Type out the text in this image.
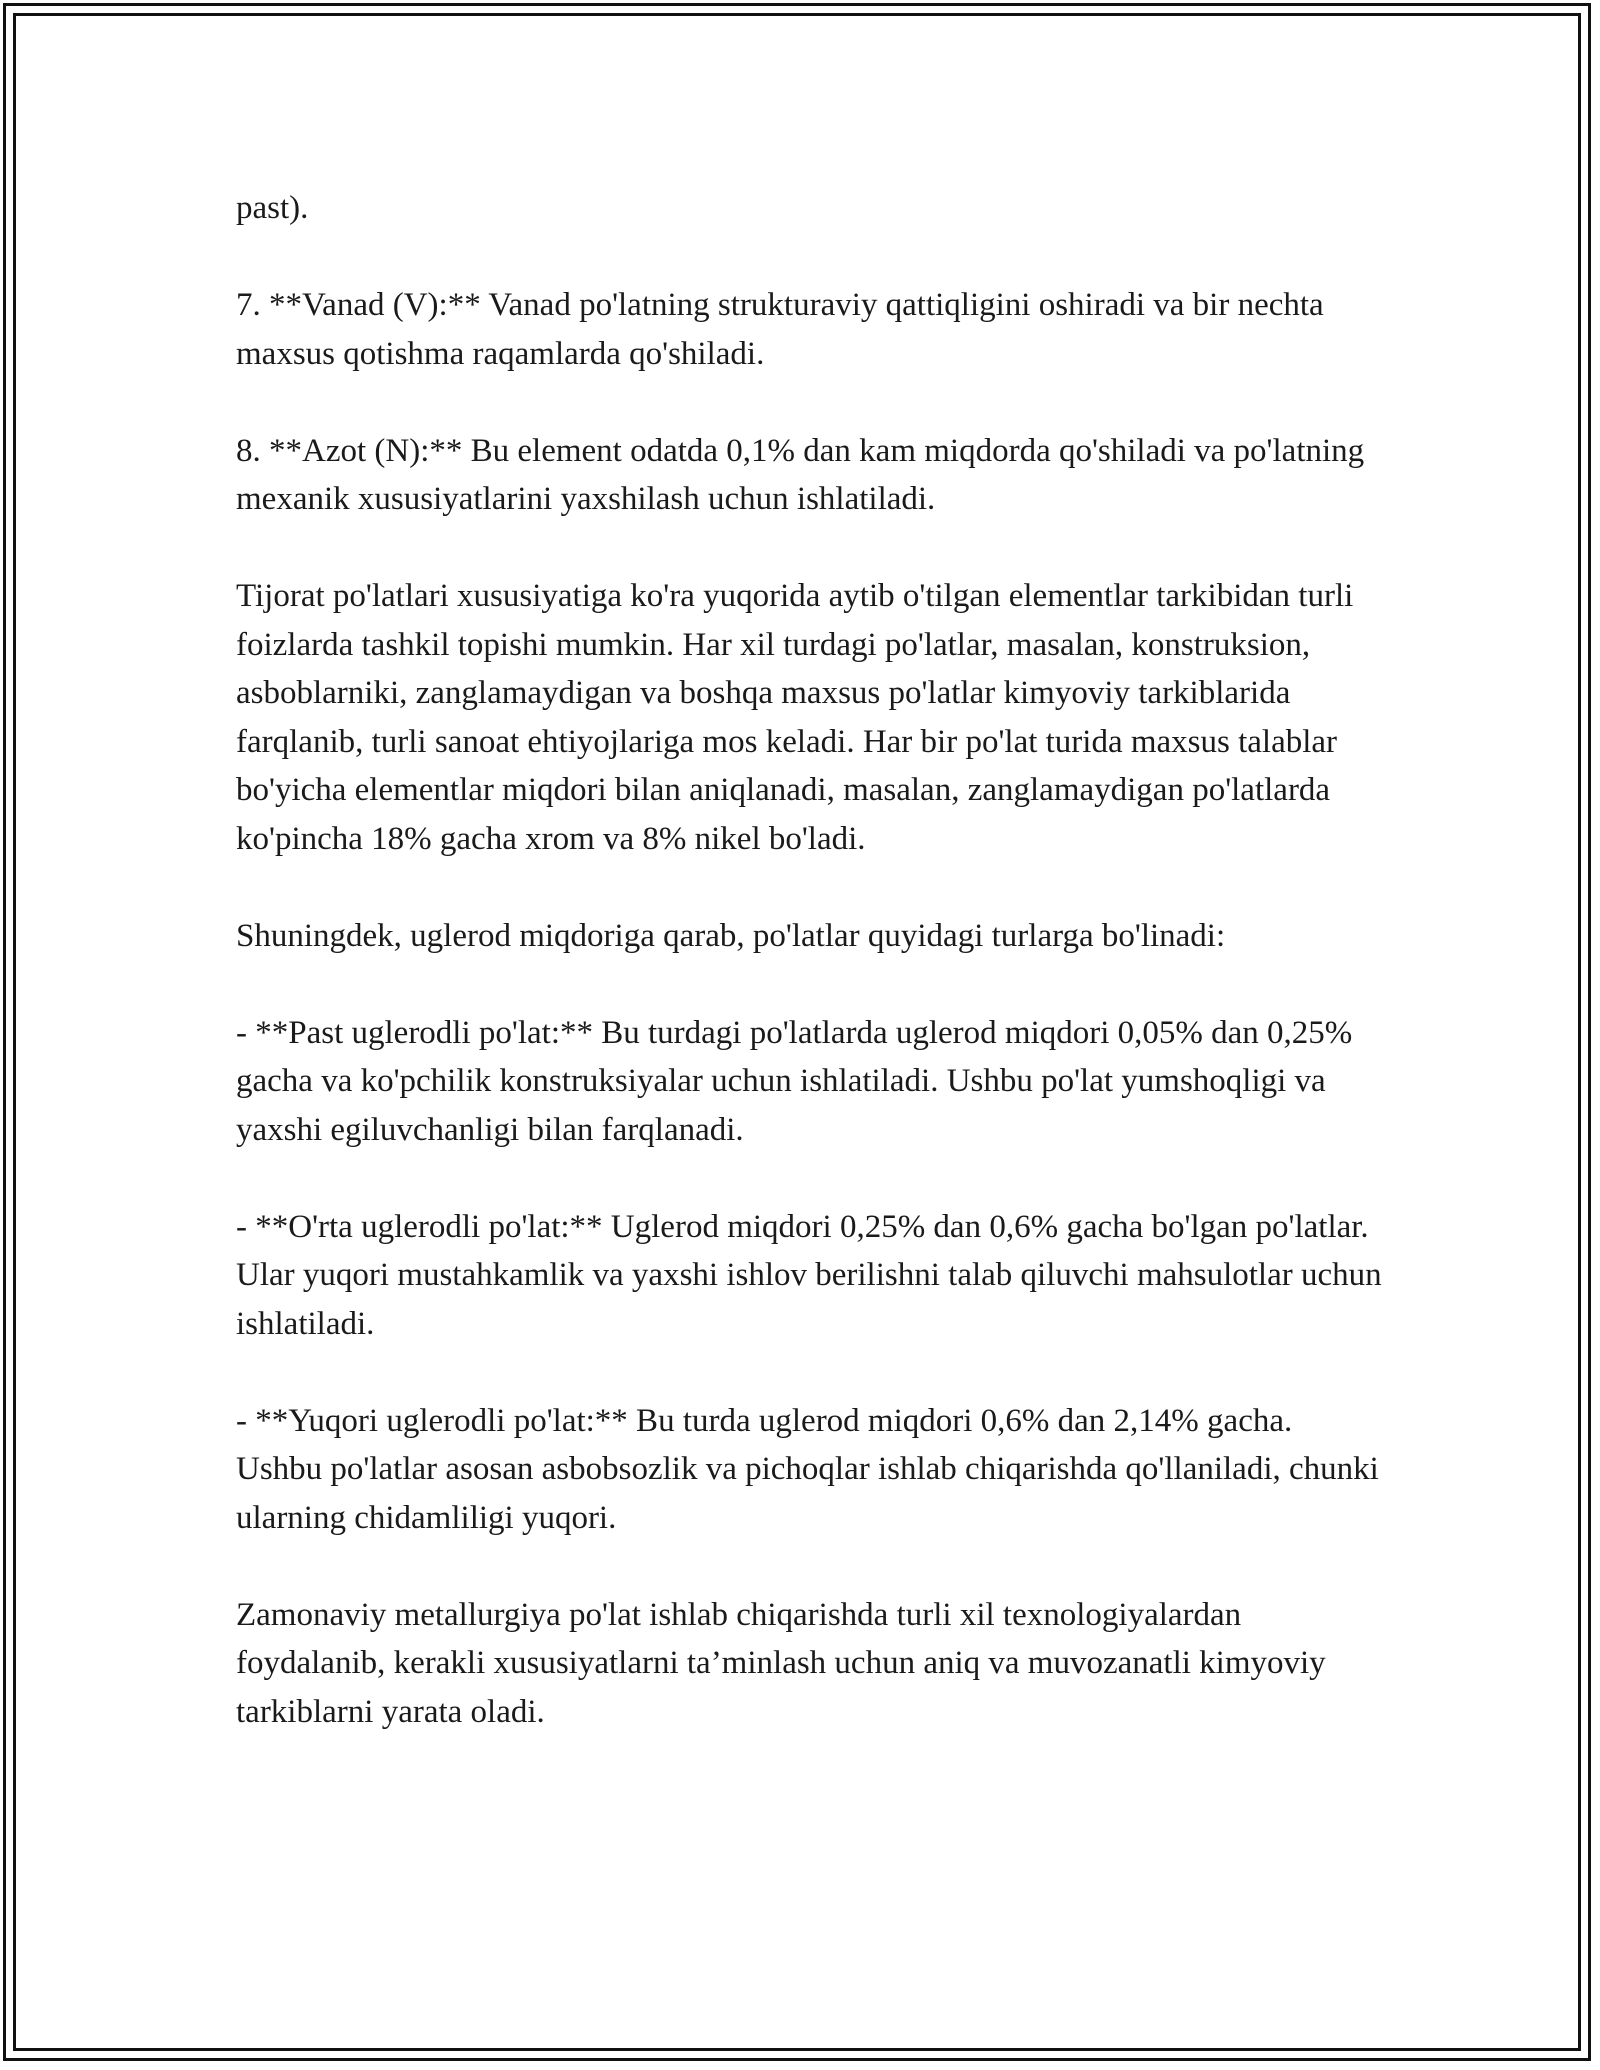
past).

7. **Vanad (V):** Vanad po'latning strukturaviy qattiqligini oshiradi va bir nechta maxsus qotishma raqamlarda qo'shiladi.

8. **Azot (N):** Bu element odatda 0,1% dan kam miqdorda qo'shiladi va po'latning mexanik xususiyatlarini yaxshilash uchun ishlatiladi.

Tijorat po'latlari xususiyatiga ko'ra yuqorida aytib o'tilgan elementlar tarkibidan turli foizlarda tashkil topishi mumkin. Har xil turdagi po'latlar, masalan, konstruksion, asboblarniki, zanglamaydigan va boshqa maxsus po'latlar kimyoviy tarkiblarida farqlanib, turli sanoat ehtiyojlariga mos keladi. Har bir po'lat turida maxsus talablar bo'yicha elementlar miqdori bilan aniqlanadi, masalan, zanglamaydigan po'latlarda ko'pincha 18% gacha xrom va 8% nikel bo'ladi.

Shuningdek, uglerod miqdoriga qarab, po'latlar quyidagi turlarga bo'linadi:

- **Past uglerodli po'lat:** Bu turdagi po'latlarda uglerod miqdori 0,05% dan 0,25% gacha va ko'pchilik konstruksiyalar uchun ishlatiladi. Ushbu po'lat yumshoqligi va yaxshi egiluvchanligi bilan farqlanadi.

- **O'rta uglerodli po'lat:** Uglerod miqdori 0,25% dan 0,6% gacha bo'lgan po'latlar. Ular yuqori mustahkamlik va yaxshi ishlov berilishni talab qiluvchi mahsulotlar uchun ishlatiladi.

- **Yuqori uglerodli po'lat:** Bu turda uglerod miqdori 0,6% dan 2,14% gacha. Ushbu po'latlar asosan asbobsozlik va pichoqlar ishlab chiqarishda qo'llaniladi, chunki ularning chidamliligi yuqori.

Zamonaviy metallurgiya po'lat ishlab chiqarishda turli xil texnologiyalardan foydalanib, kerakli xususiyatlarni ta’minlash uchun aniq va muvozanatli kimyoviy tarkiblarni yarata oladi.
